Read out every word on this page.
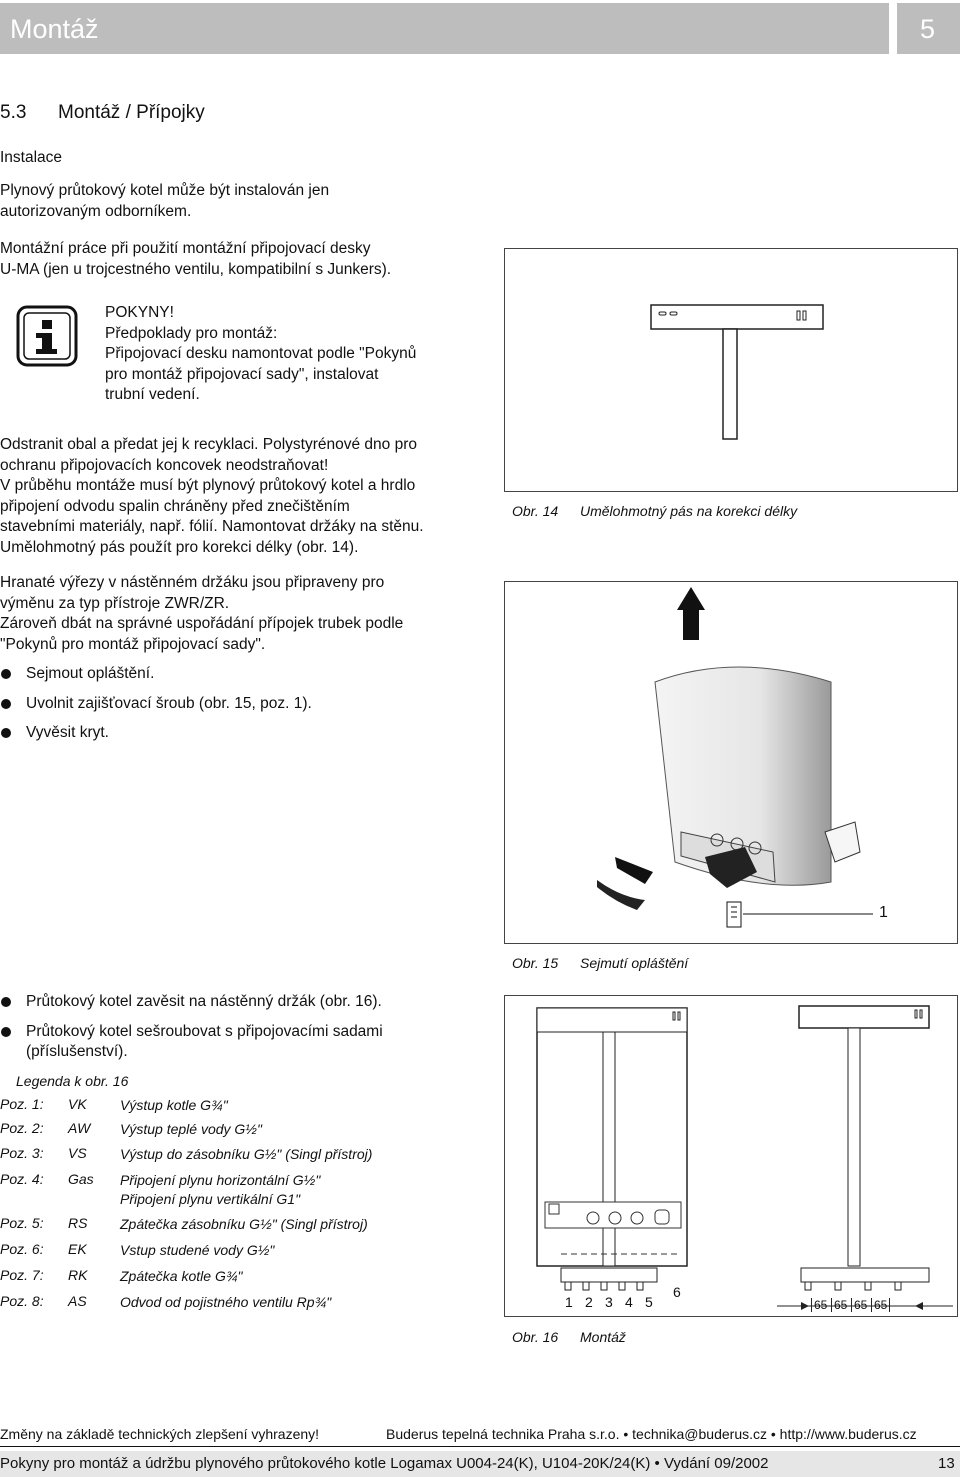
Montáž	5
5.3 Montáž / Přípojky
Instalace
Plynový průtokový kotel může být instalován jen
autorizovaným odborníkem.
Montážní práce při použití montážní připojovací desky
U-MA (jen u trojcestného ventilu, kompatibilní s Junkers).
POKYNY!
Předpoklady pro montáž:
Připojovací desku namontovat podle "Pokynů
pro montáž připojovací sady", instalovat
trubní vedení.
Odstranit obal a předat jej k recyklaci. Polystyrénové dno pro
ochranu připojovacích koncovek neodstraňovat!
V průběhu montáže musí být plynový průtokový kotel a hrdlo
připojení odvodu spalin chráněny před znečištěním
stavebními materiály, např. fólií. Namontovat držáky na stěnu.
Umělohmotný pás použít pro korekci délky (obr. 14).
Hranaté výřezy v nástěnném držáku jsou připraveny pro
výměnu za typ přístroje ZWR/ZR.
Zároveň dbát na správné uspořádání přípojek trubek podle
"Pokynů pro montáž připojovací sady".
Sejmout opláštění.
Uvolnit zajišťovací šroub (obr. 15, poz. 1).
Vyvěsit kryt.
Průtokový kotel zavěsit na nástěnný držák (obr. 16).
Průtokový kotel sešroubovat s připojovacími sadami
(příslušenství).
Legenda k obr. 16
Poz. 1: VK Výstup kotle G¾"
Poz. 2: AW Výstup teplé vody G½"
Poz. 3: VS Výstup do zásobníku G½" (Singl přístroj)
Poz. 4: Gas Připojení plynu horizontální G½"
Připojení plynu vertikální G1"
Poz. 5: RS Zpátečka zásobníku G½" (Singl přístroj)
Poz. 6: EK Vstup studené vody G½"
Poz. 7: RK Zpátečka kotle G¾"
Poz. 8: AS Odvod od pojistného ventilu Rp¾"
Obr. 14 Umělohmotný pás na korekci délky
1
Obr. 15 Sejmutí opláštění
1 2 3 4 5
6
65 65 65 65
Obr. 16 Montáž
Změny na základě technických zlepšení vyhrazeny!	Buderus tepelná technika Praha s.r.o. • technika@buderus.cz • http://www.buderus.cz
Pokyny pro montáž a údržbu plynového průtokového kotle Logamax U004-24(K), U104-20K/24(K) • Vydání 09/2002	13
